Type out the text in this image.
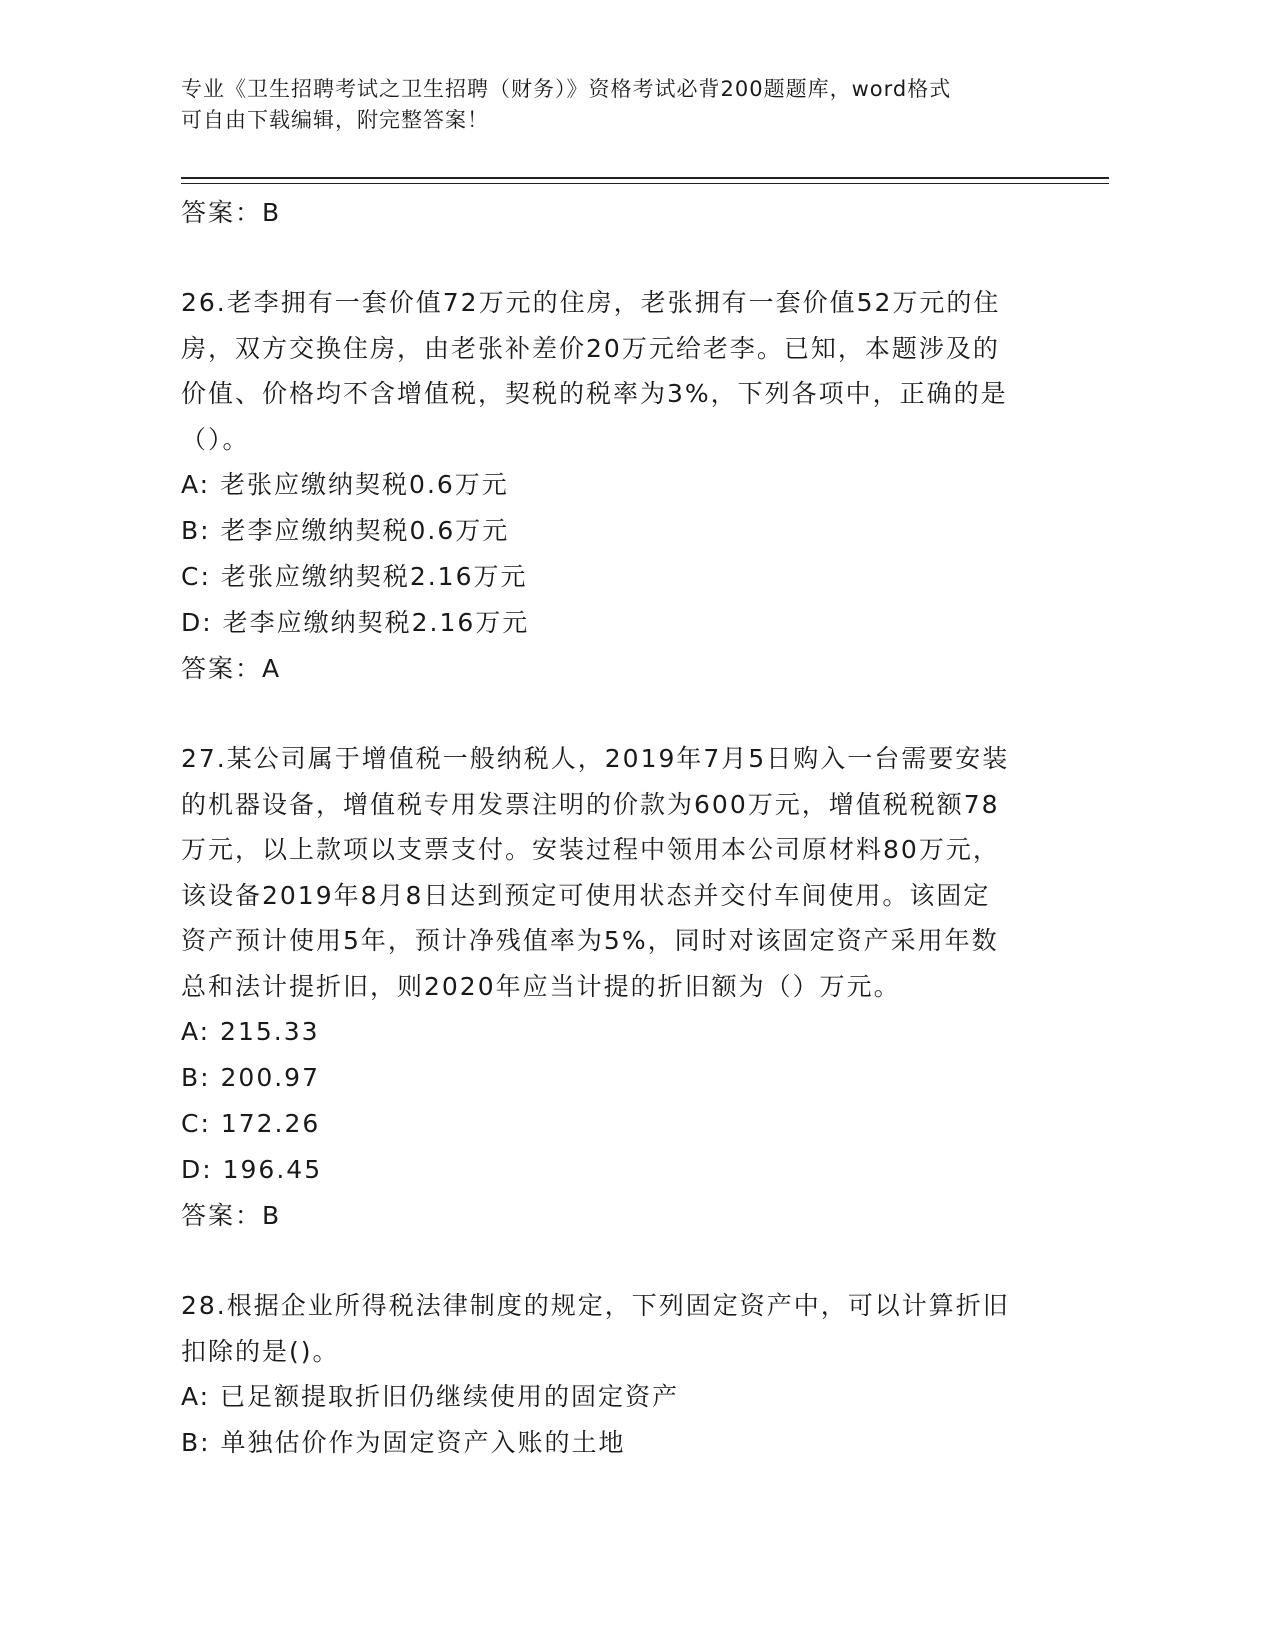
专业《卫生招聘考试之卫生招聘（财务）》资格考试必背200题题库，word格式
可自由下载编辑，附完整答案！
答案：B
26.老李拥有一套价值72万元的住房，老张拥有一套价值52万元的住
房，双方交换住房，由老张补差价20万元给老李。已知，本题涉及的
价值、价格均不含增值税，契税的税率为3%，下列各项中，正确的是
（）。
A: 老张应缴纳契税0.6万元
B: 老李应缴纳契税0.6万元
C: 老张应缴纳契税2.16万元
D: 老李应缴纳契税2.16万元
答案：A
27.某公司属于增值税一般纳税人，2019年7月5日购入一台需要安装
的机器设备，增值税专用发票注明的价款为600万元，增值税税额78
万元，以上款项以支票支付。安装过程中领用本公司原材料80万元，
该设备2019年8月8日达到预定可使用状态并交付车间使用。该固定
资产预计使用5年，预计净残值率为5%，同时对该固定资产采用年数
总和法计提折旧，则2020年应当计提的折旧额为（）万元。
A: 215.33
B: 200.97
C: 172.26
D: 196.45
答案：B
28.根据企业所得税法律制度的规定，下列固定资产中，可以计算折旧
扣除的是()。
A: 已足额提取折旧仍继续使用的固定资产
B: 单独估价作为固定资产入账的土地
